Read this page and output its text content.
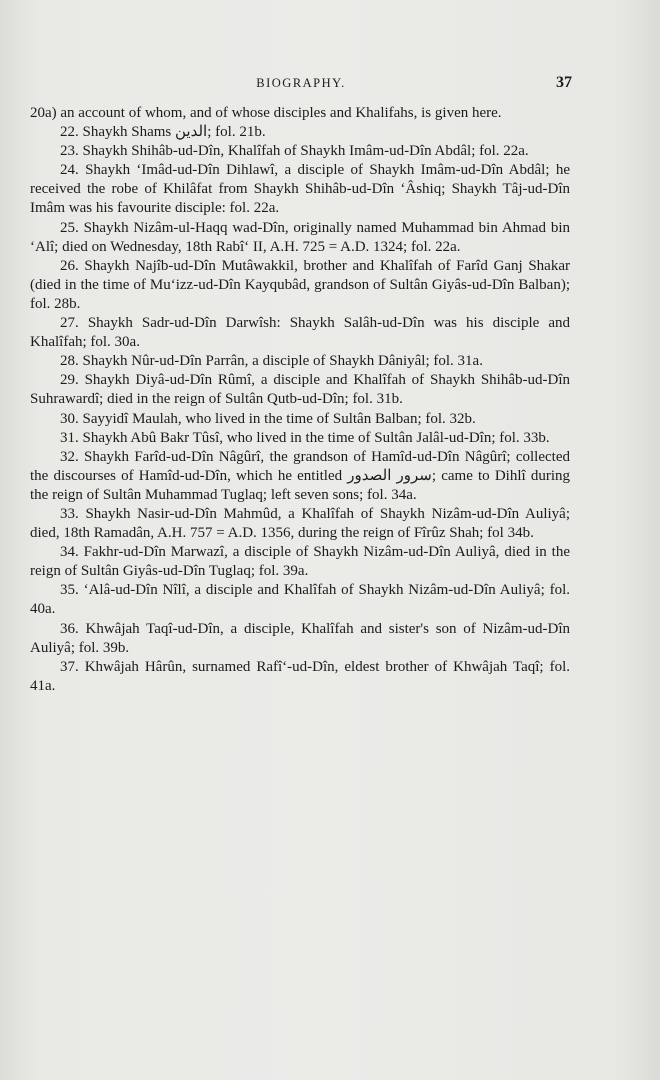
BIOGRAPHY.	37

20a) an account of whom, and of whose disciples and Khalifahs, is given here.

22. Shaykh Shams الدين; fol. 21b.

23. Shaykh Shihâb-ud-Dîn, Khalîfah of Shaykh Imâm-ud-Dîn Abdâl; fol. 22a.

24. Shaykh ‘Imâd-ud-Dîn Dihlawî, a disciple of Shaykh Imâm-ud-Dîn Abdâl; he received the robe of Khilâfat from Shaykh Shihâb-ud-Dîn ‘Âshiq; Shaykh Tâj-ud-Dîn Imâm was his favourite disciple: fol. 22a.

25. Shaykh Nizâm-ul-Haqq wad-Dîn, originally named Muhammad bin Ahmad bin ‘Alî; died on Wednesday, 18th Rabî‘ II, A.H. 725 = A.D. 1324; fol. 22a.

26. Shaykh Najîb-ud-Dîn Mutâwakkil, brother and Khalîfah of Farîd Ganj Shakar (died in the time of Mu‘izz-ud-Dîn Kayqubâd, grandson of Sultân Giyâs-ud-Dîn Balban); fol. 28b.

27. Shaykh Sadr-ud-Dîn Darwîsh: Shaykh Salâh-ud-Dîn was his disciple and Khalîfah; fol. 30a.

28. Shaykh Nûr-ud-Dîn Parrân, a disciple of Shaykh Dâniyâl; fol. 31a.

29. Shaykh Diyâ-ud-Dîn Rûmî, a disciple and Khalîfah of Shaykh Shihâb-ud-Dîn Suhrawardî; died in the reign of Sultân Qutb-ud-Dîn; fol. 31b.

30. Sayyidî Maulah, who lived in the time of Sultân Balban; fol. 32b.

31. Shaykh Abû Bakr Tûsî, who lived in the time of Sultân Jalâl-ud-Dîn; fol. 33b.

32. Shaykh Farîd-ud-Dîn Nâgûrî, the grandson of Hamîd-ud-Dîn Nâgûrî; collected the discourses of Hamîd-ud-Dîn, which he entitled سرور الصدور; came to Dihlî during the reign of Sultân Muhammad Tuglaq; left seven sons; fol. 34a.

33. Shaykh Nasir-ud-Dîn Mahmûd, a Khalîfah of Shaykh Nizâm-ud-Dîn Auliyâ; died, 18th Ramadân, A.H. 757 = A.D. 1356, during the reign of Fîrûz Shah; fol 34b.

34. Fakhr-ud-Dîn Marwazî, a disciple of Shaykh Nizâm-ud-Dîn Auliyâ, died in the reign of Sultân Giyâs-ud-Dîn Tuglaq; fol. 39a.

35. ‘Alâ-ud-Dîn Nîlî, a disciple and Khalîfah of Shaykh Nizâm-ud-Dîn Auliyâ; fol. 40a.

36. Khwâjah Taqî-ud-Dîn, a disciple, Khalîfah and sister's son of Nizâm-ud-Dîn Auliyâ; fol. 39b.

37. Khwâjah Hârûn, surnamed Rafî‘-ud-Dîn, eldest brother of Khwâjah Taqî; fol. 41a.
